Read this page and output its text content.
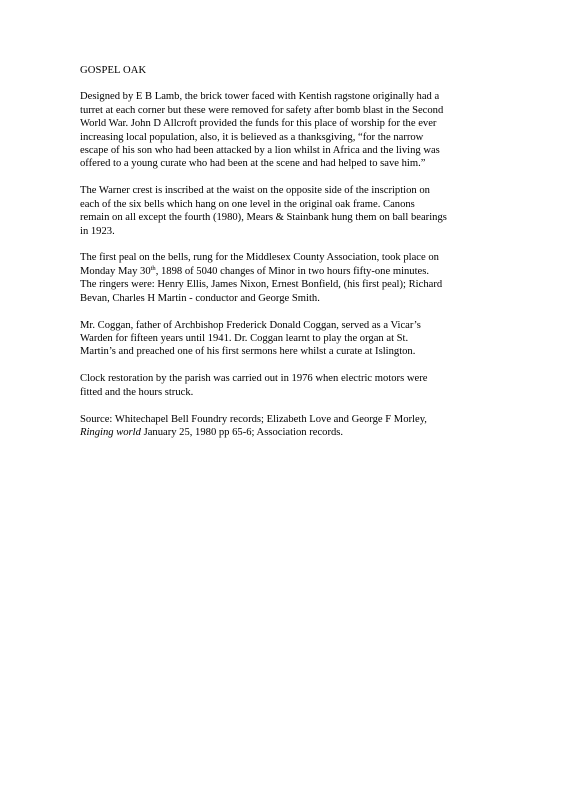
GOSPEL OAK
Designed by E B Lamb, the brick tower faced with Kentish ragstone originally had a
turret at each corner but these were removed for safety after bomb blast in the Second
World War. John D Allcroft provided the funds for this place of worship for the ever
increasing local population, also, it is believed as a thanksgiving, “for the narrow
escape of his son who had been attacked by a lion whilst in Africa and the living was
offered to a young curate who had been at the scene and had helped to save him.”
The Warner crest is inscribed at the waist on the opposite side of the inscription on
each of the six bells which hang on one level in the original oak frame. Canons
remain on all except the fourth (1980), Mears & Stainbank hung them on ball bearings
in 1923.
The first peal on the bells, rung for the Middlesex County Association, took place on
Monday May 30th, 1898 of 5040 changes of Minor in two hours fifty-one minutes.
The ringers were: Henry Ellis, James Nixon, Ernest Bonfield, (his first peal); Richard
Bevan, Charles H Martin - conductor and George Smith.
Mr. Coggan, father of Archbishop Frederick Donald Coggan, served as a Vicar’s
Warden for fifteen years until 1941. Dr. Coggan learnt to play the organ at St.
Martin’s and preached one of his first sermons here whilst a curate at Islington.
Clock restoration by the parish was carried out in 1976 when electric motors were
fitted and the hours struck.
Source: Whitechapel Bell Foundry records; Elizabeth Love and George F Morley,
Ringing world January 25, 1980 pp 65-6; Association records.
